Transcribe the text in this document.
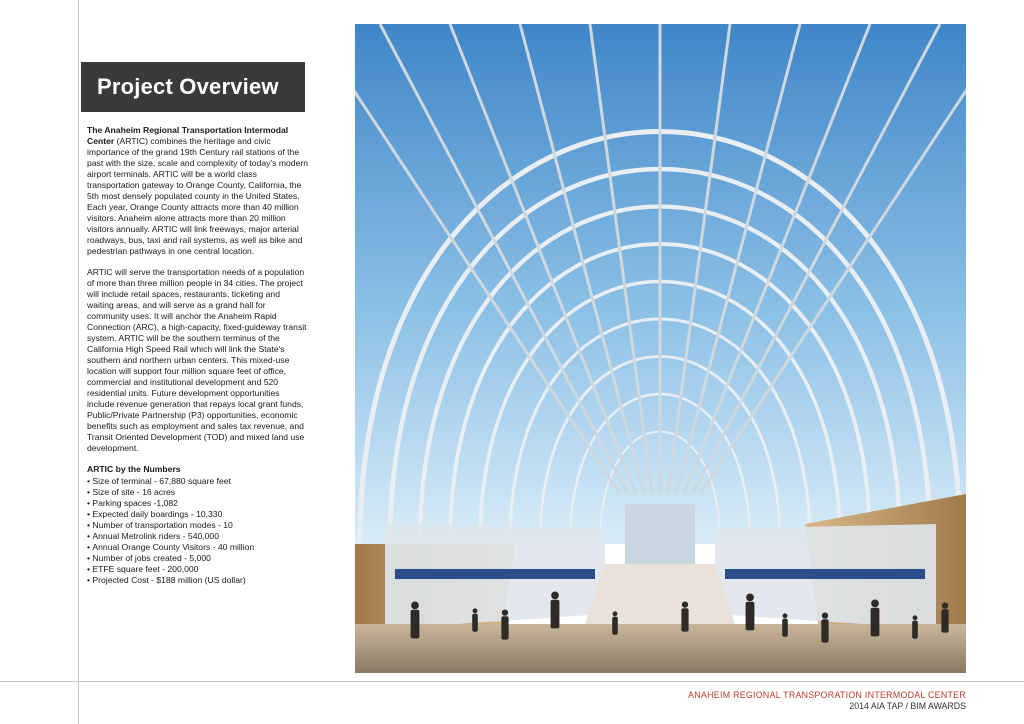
Project Overview

The Anaheim Regional Transportation Intermodal Center (ARTIC) combines the heritage and civic importance of the grand 19th Century rail stations of the past with the size, scale and complexity of today’s modern airport terminals. ARTIC will be a world class transportation gateway to Orange County, California, the 5th most densely populated county in the United States. Each year, Orange County attracts more than 40 million visitors. Anaheim alone attracts more than 20 million visitors annually. ARTIC will link freeways, major arterial roadways, bus, taxi and rail systems, as well as bike and pedestrian pathways in one central location.

ARTIC will serve the transportation needs of a population of more than three million people in 34 cities. The project will include retail spaces, restaurants, ticketing and waiting areas, and will serve as a grand hall for community uses. It will anchor the Anaheim Rapid Connection (ARC), a high-capacity, fixed-guideway transit system. ARTIC will be the southern terminus of the California High Speed Rail which will link the State’s southern and northern urban centers. This mixed-use location will support four million square feet of office, commercial and institutional development and 520 residential units. Future development opportunities include revenue generation that repays local grant funds, Public/Private Partnership (P3) opportunities, economic benefits such as employment and sales tax revenue, and Transit Oriented Development (TOD) and mixed land use development.

ARTIC by the Numbers
• Size of terminal - 67,880 square feet
• Size of site - 16 acres
• Parking spaces -1,082
• Expected daily boardings - 10,330
• Number of transportation modes - 10
• Annual Metrolink riders - 540,000
• Annual Orange County Visitors - 40 million
• Number of jobs created - 5,000
• ETFE square feet - 200,000
• Projected Cost - $188 million (US dollar)
ANAHEIM REGIONAL TRANSPORATION INTERMODAL CENTER
2014 AIA TAP / BIM AWARDS
